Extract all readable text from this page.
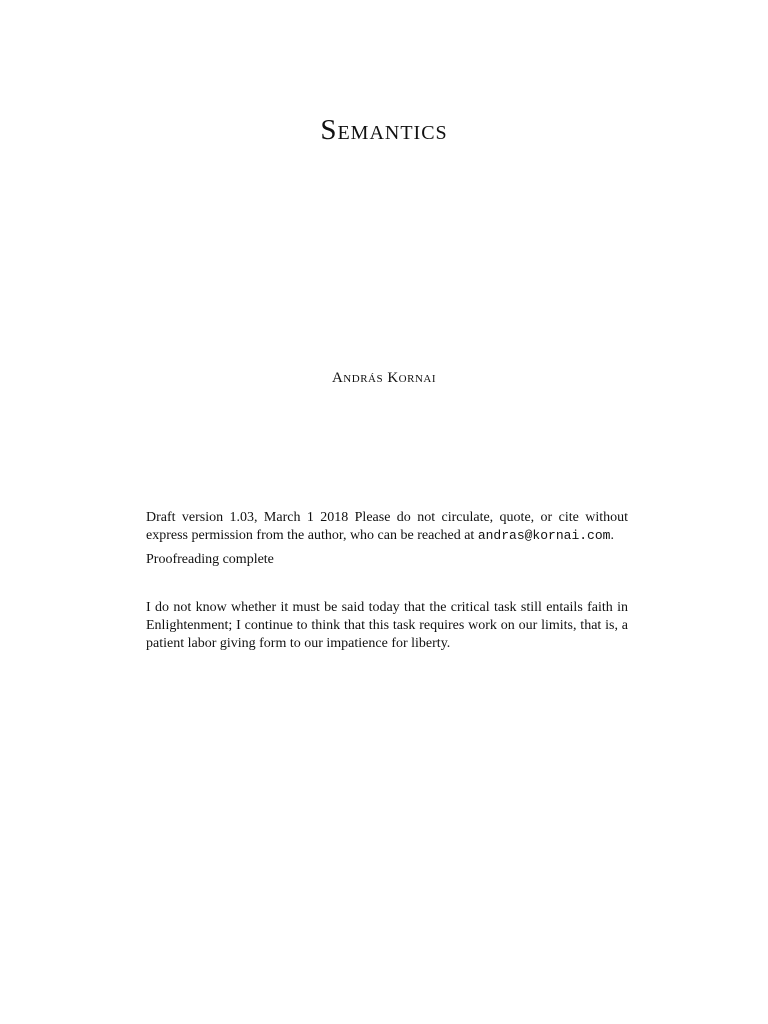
Semantics

András Kornai

Draft version 1.03, March 1 2018 Please do not circulate, quote, or cite without express permission from the author, who can be reached at andras@kornai.com.

Proofreading complete

I do not know whether it must be said today that the critical task still entails faith in Enlightenment; I continue to think that this task requires work on our limits, that is, a patient labor giving form to our impatience for liberty.
